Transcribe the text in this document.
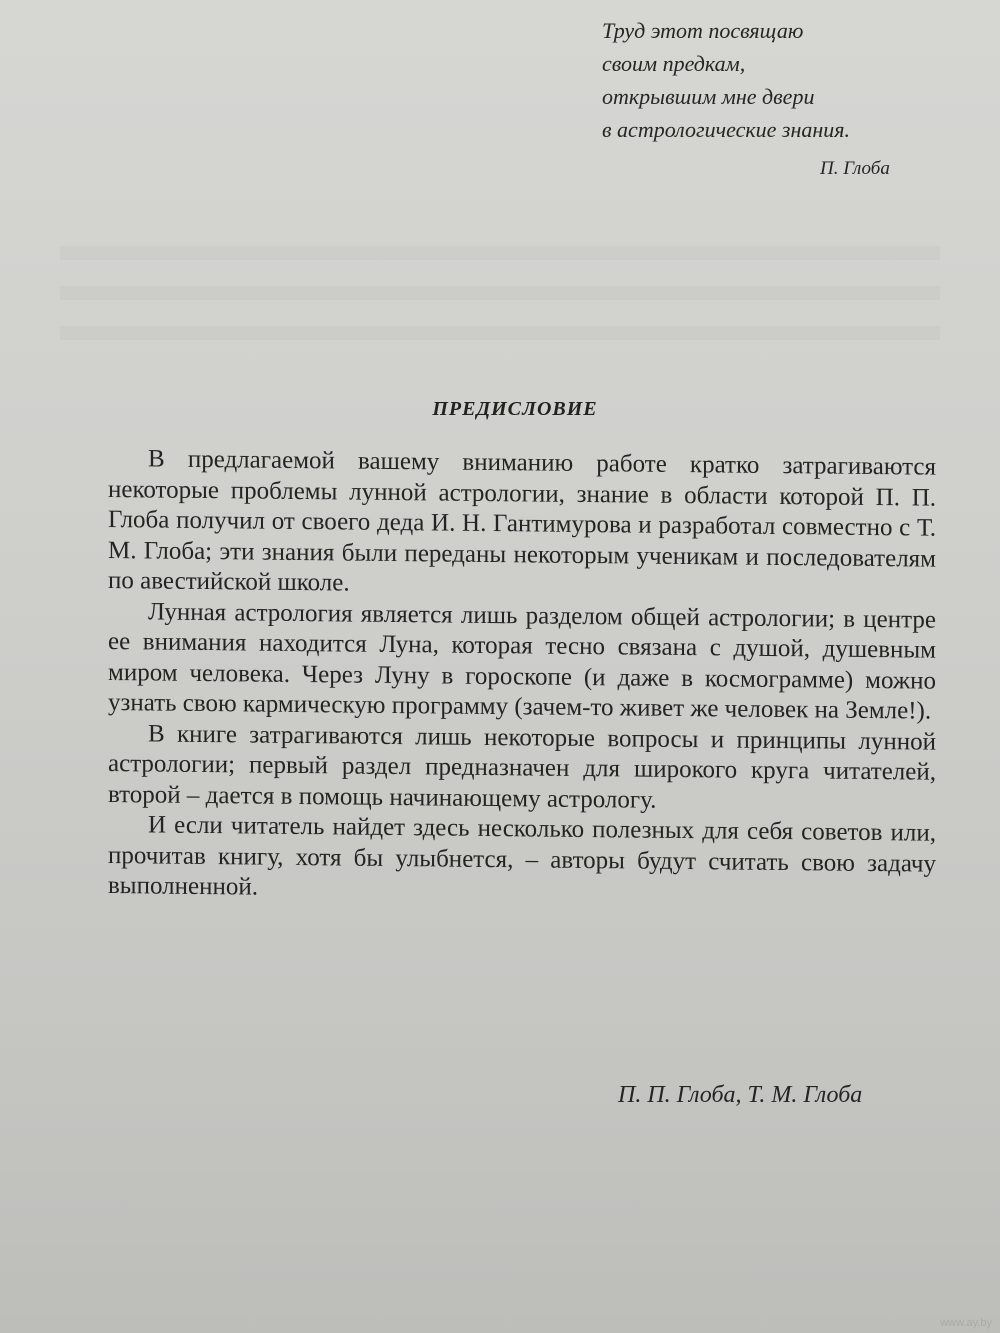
Труд этот посвящаю
своим предкам,
открывшим мне двери
в астрологические знания.
П. Глоба
ПРЕДИСЛОВИЕ

В предлагаемой вашему вниманию работе кратко затрагиваются некоторые проблемы лунной астрологии, знание в области которой П. П. Глоба получил от своего деда И. Н. Гантимурова и разработал совместно с Т. М. Глоба; эти знания были переданы некоторым ученикам и последователям по авестийской школе.

Лунная астрология является лишь разделом общей астрологии; в центре ее внимания находится Луна, которая тесно связана с душой, душевным миром человека. Через Луну в гороскопе (и даже в космограмме) можно узнать свою кармическую программу (зачем-то живет же человек на Земле!).

В книге затрагиваются лишь некоторые вопросы и принципы лунной астрологии; первый раздел предназначен для широкого круга читателей, второй – дается в помощь начинающему астрологу.

И если читатель найдет здесь несколько полезных для себя советов или, прочитав книгу, хотя бы улыбнется, – авторы будут считать свою задачу выполненной.

П. П. Глоба, Т. М. Глоба
www.ay.by
